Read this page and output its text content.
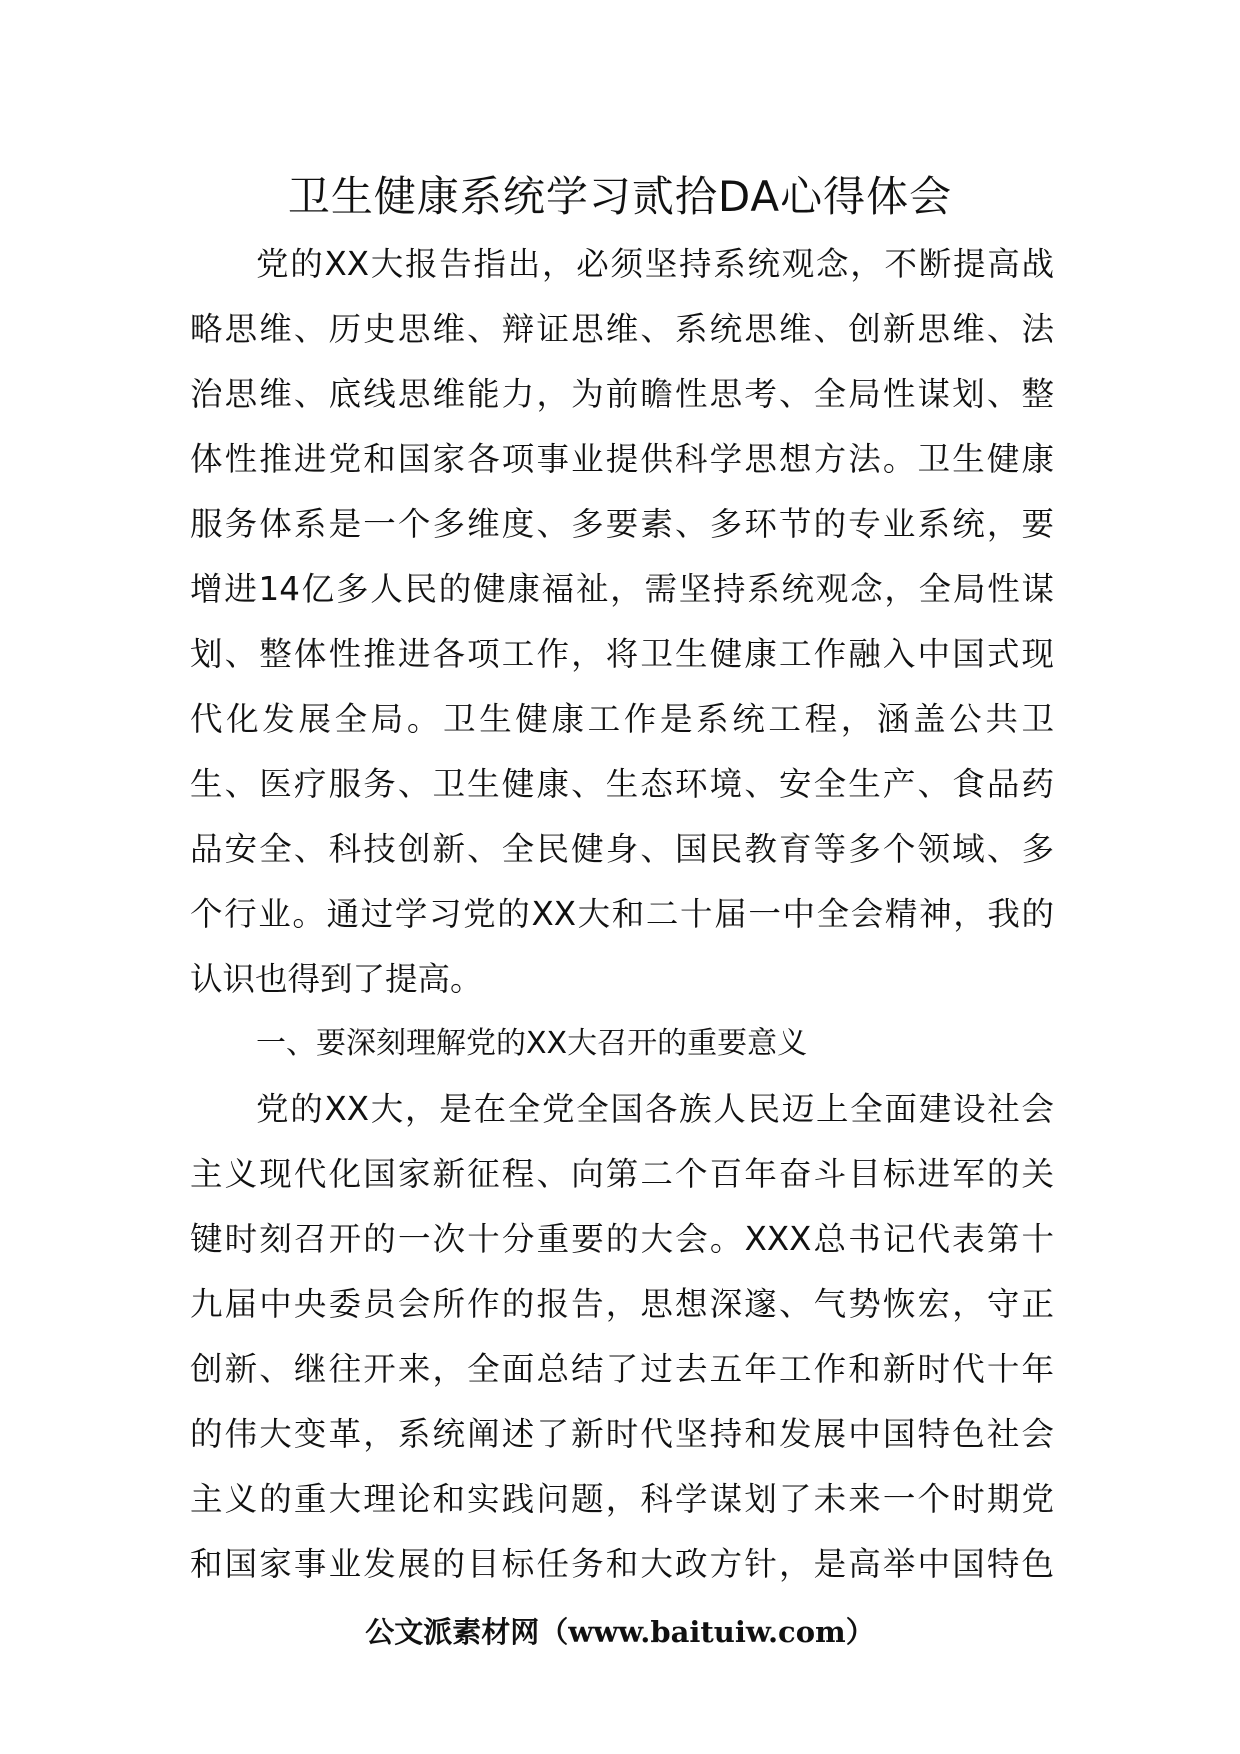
卫生健康系统学习贰拾DA心得体会
党的XX大报告指出，必须坚持系统观念，不断提高战
略思维、历史思维、辩证思维、系统思维、创新思维、法
治思维、底线思维能力，为前瞻性思考、全局性谋划、整
体性推进党和国家各项事业提供科学思想方法。卫生健康
服务体系是一个多维度、多要素、多环节的专业系统，要
增进14亿多人民的健康福祉，需坚持系统观念，全局性谋
划、整体性推进各项工作，将卫生健康工作融入中国式现
代化发展全局。卫生健康工作是系统工程，涵盖公共卫
生、医疗服务、卫生健康、生态环境、安全生产、食品药
品安全、科技创新、全民健身、国民教育等多个领域、多
个行业。通过学习党的XX大和二十届一中全会精神，我的
认识也得到了提高。
一、要深刻理解党的XX大召开的重要意义
党的XX大，是在全党全国各族人民迈上全面建设社会
主义现代化国家新征程、向第二个百年奋斗目标进军的关
键时刻召开的一次十分重要的大会。XXX总书记代表第十
九届中央委员会所作的报告，思想深邃、气势恢宏，守正
创新、继往开来，全面总结了过去五年工作和新时代十年
的伟大变革，系统阐述了新时代坚持和发展中国特色社会
主义的重大理论和实践问题，科学谋划了未来一个时期党
和国家事业发展的目标任务和大政方针，是高举中国特色
公文派素材网（www.baituiw.com）
